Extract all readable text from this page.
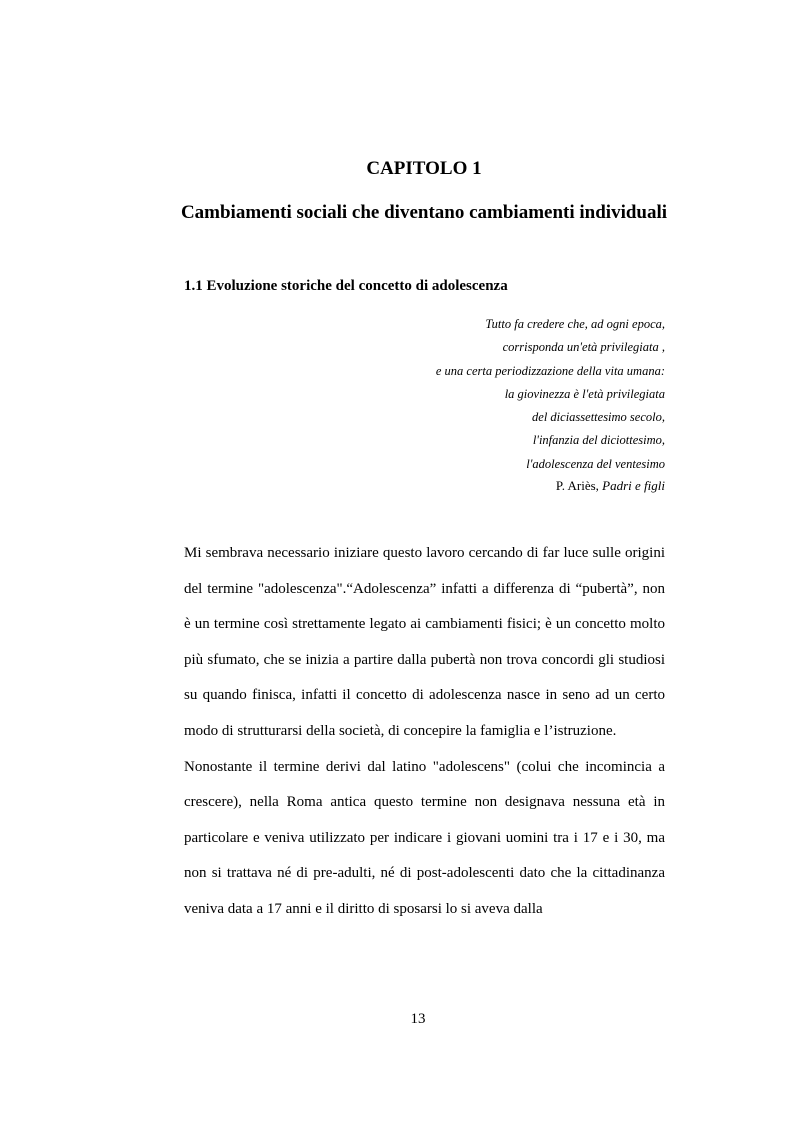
CAPITOLO 1
Cambiamenti sociali che diventano cambiamenti individuali
1.1 Evoluzione storiche del concetto di adolescenza
Tutto fa credere che, ad ogni epoca,
corrisponda un'età privilegiata ,
e una certa periodizzazione della vita umana:
la giovinezza è l'età privilegiata
del diciassettesimo secolo,
l'infanzia del diciottesimo,
l'adolescenza del ventesimo
P. Ariès, Padri e figli

Mi sembrava necessario iniziare questo lavoro cercando di far luce sulle origini del termine "adolescenza".“Adolescenza” infatti a differenza di “pubertà”, non è un termine così strettamente legato ai cambiamenti fisici; è un concetto molto più sfumato, che se inizia a partire dalla pubertà non trova concordi gli studiosi su quando finisca, infatti il concetto di adolescenza nasce in seno ad un certo modo di strutturarsi della società, di concepire la famiglia e l’istruzione.

Nonostante il termine derivi dal latino "adolescens" (colui che incomincia a crescere), nella Roma antica questo termine non designava nessuna età in particolare e veniva utilizzato per indicare i giovani uomini tra i 17 e i 30, ma non si trattava né di pre-adulti, né di post-adolescenti dato che la cittadinanza veniva data a 17 anni e il diritto di sposarsi lo si aveva dalla

13
